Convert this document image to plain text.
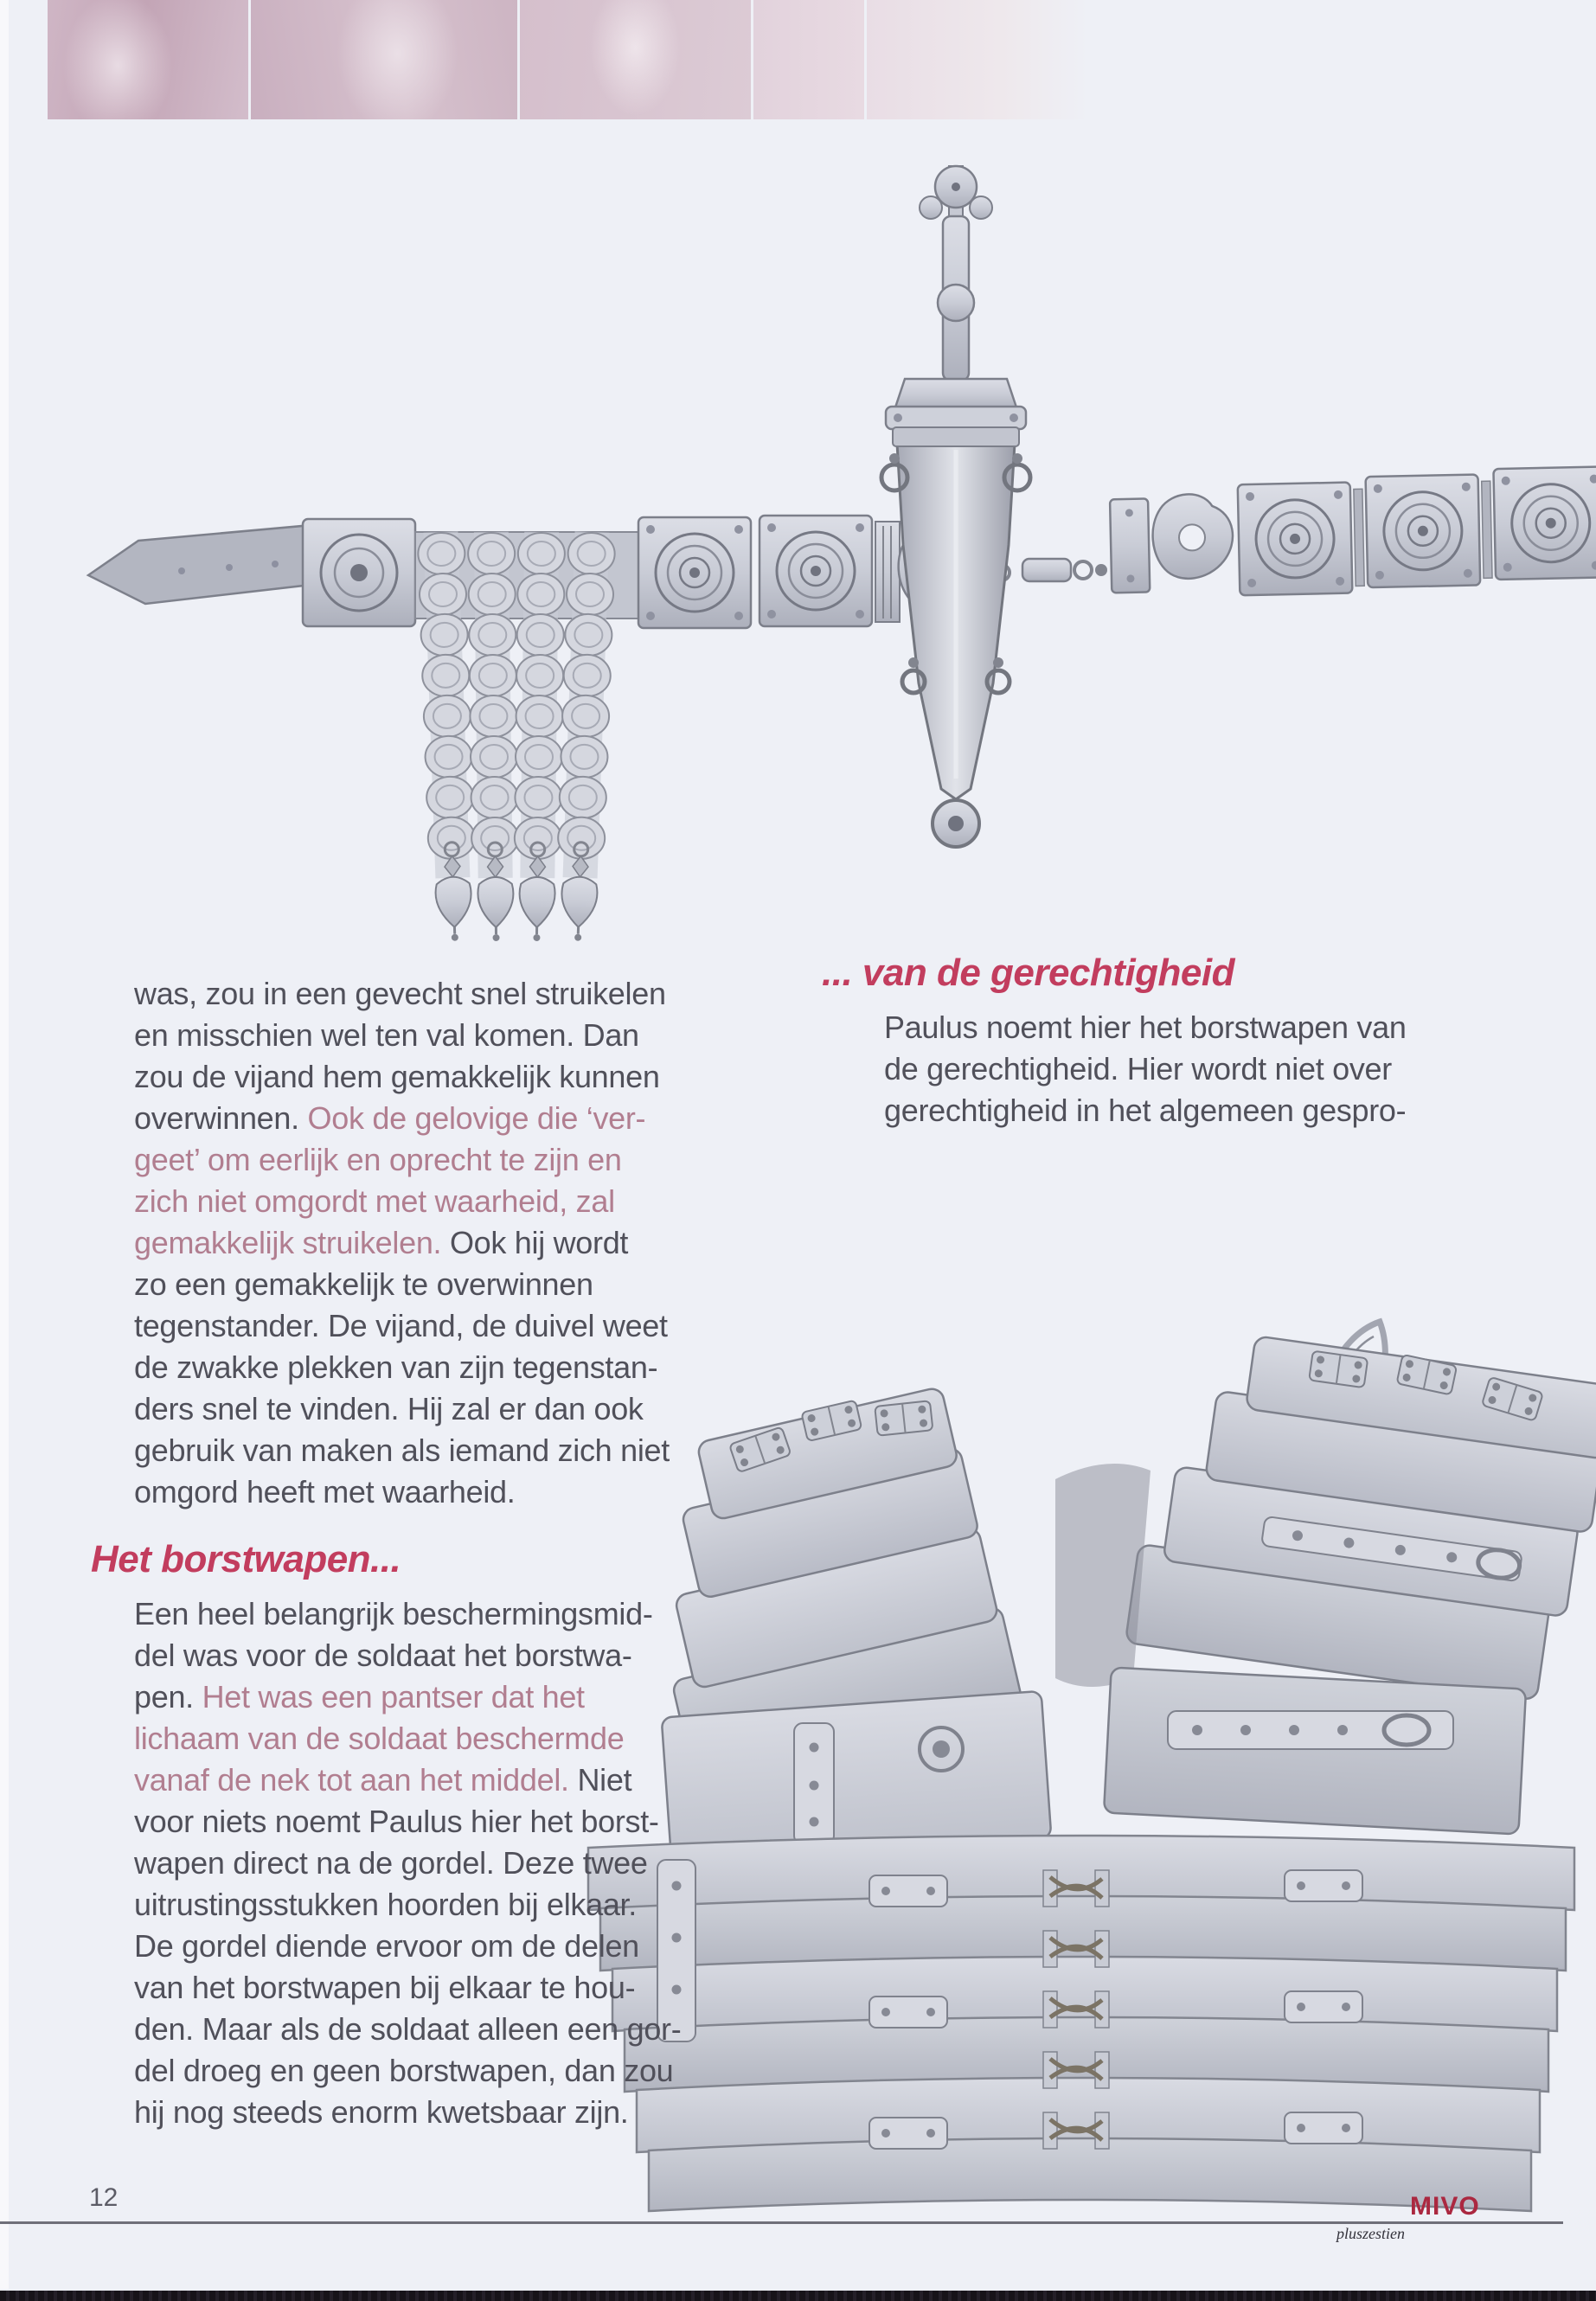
was, zou in een gevecht snel struikelen
en misschien wel ten val komen. Dan
zou de vijand hem gemakkelijk kunnen
overwinnen. Ook de gelovige die ‘ver-
geet’ om eerlijk en oprecht te zijn en
zich niet omgordt met waarheid, zal
gemakkelijk struikelen. Ook hij wordt
zo een gemakkelijk te overwinnen
tegenstander. De vijand, de duivel weet
de zwakke plekken van zijn tegenstan-
ders snel te vinden. Hij zal er dan ook
gebruik van maken als iemand zich niet
omgord heeft met waarheid.
Het borstwapen...
Een heel belangrijk beschermingsmid-
del was voor de soldaat het borstwa-
pen. Het was een pantser dat het
lichaam van de soldaat beschermde
vanaf de nek tot aan het middel. Niet
voor niets noemt Paulus hier het borst-
wapen direct na de gordel. Deze twee
uitrustingsstukken hoorden bij elkaar.
De gordel diende ervoor om de delen
van het borstwapen bij elkaar te hou-
den. Maar als de soldaat alleen een gor-
del droeg en geen borstwapen, dan zou
hij nog steeds enorm kwetsbaar zijn.
... van de gerechtigheid
Paulus noemt hier het borstwapen van
de gerechtigheid. Hier wordt niet over
gerechtigheid in het algemeen gespro-
12	MIVO
pluszestien
